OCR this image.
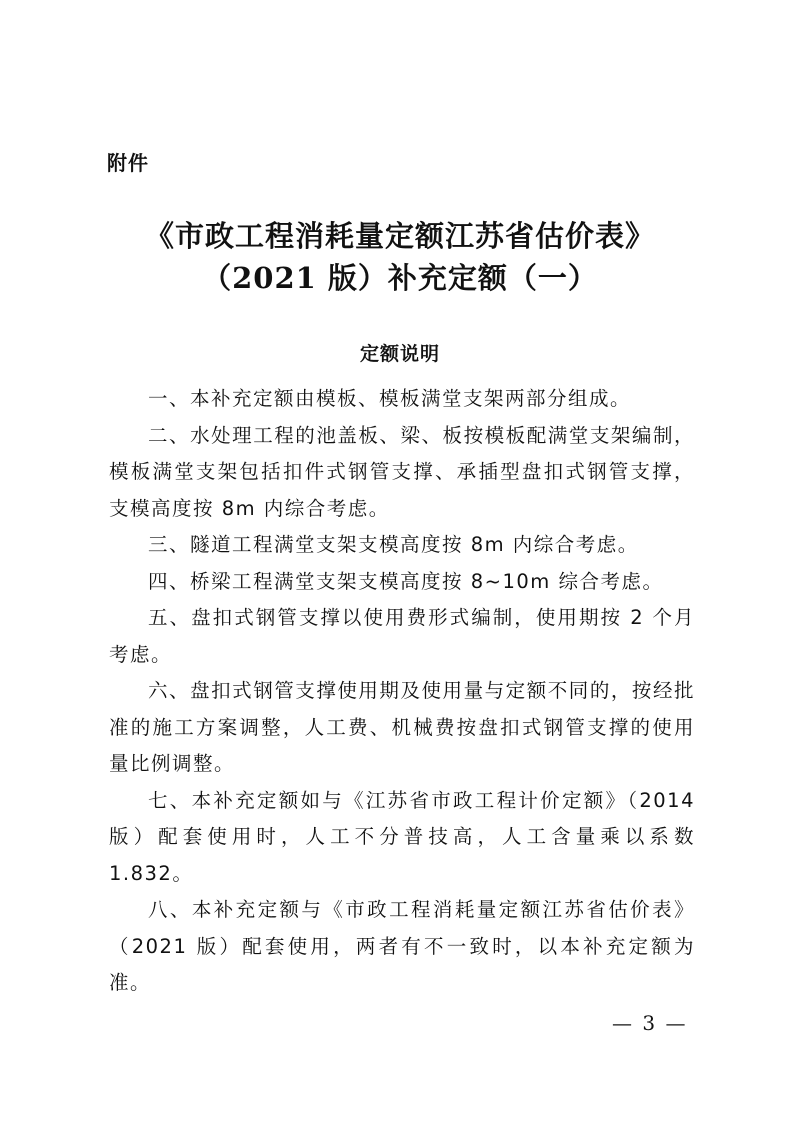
附件
《市政工程消耗量定额江苏省估价表》
（2021 版）补充定额（一）
定额说明

一、本补充定额由模板、模板满堂支架两部分组成。

二、水处理工程的池盖板、梁、板按模板配满堂支架编制，模板满堂支架包括扣件式钢管支撑、承插型盘扣式钢管支撑，支模高度按 8m 内综合考虑。

三、隧道工程满堂支架支模高度按 8m 内综合考虑。

四、桥梁工程满堂支架支模高度按 8~10m 综合考虑。

五、盘扣式钢管支撑以使用费形式编制，使用期按 2 个月考虑。

六、盘扣式钢管支撑使用期及使用量与定额不同的，按经批准的施工方案调整，人工费、机械费按盘扣式钢管支撑的使用量比例调整。

七、本补充定额如与《江苏省市政工程计价定额》（2014 版）配套使用时，人工不分普技高，人工含量乘以系数 1.832。

八、本补充定额与《市政工程消耗量定额江苏省估价表》（2021 版）配套使用，两者有不一致时，以本补充定额为准。

— 3 —
